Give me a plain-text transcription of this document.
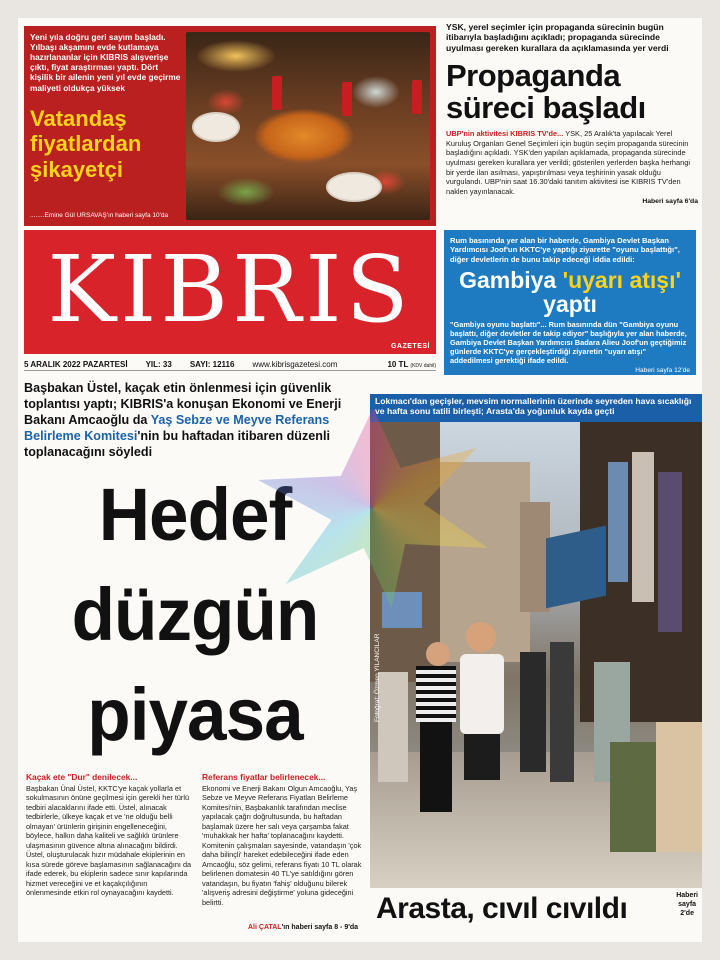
Yeni yıla doğru geri sayım başladı. Yılbaşı akşamını evde kutlamaya hazırlananlar için KIBRIS alışverişe çıktı, fiyat araştırması yaptı. Dört kişilik bir ailenin yeni yıl evde geçirme maliyeti oldukça yüksek

Vatandaş
fiyatlardan
şikayetçi

........Emine Gül URSAVAŞ'ın haberi sayfa 10'da

YSK, yerel seçimler için propaganda sürecinin bugün itibarıyla başladığını açıkladı; propaganda sürecinde uyulması gereken kurallara da açıklamasında yer verdi

Propaganda
süreci başladı

UBP'nin aktivitesi KIBRIS TV'de... YSK, 25 Aralık'ta yapılacak Yerel Kuruluş Organları Genel Seçimleri için bugün seçim propaganda sürecinin başladığını açıkladı. YSK'den yapılan açıklamada, propaganda sürecinde uyulması gereken kurallara yer verildi; gösterilen yerlerden başka herhangi bir yerde ilan asılması, yapıştırılması veya teşhirinin yasak olduğu vurgulandı. UBP'nin saat 16.30'daki tanıtım aktivitesi ise KIBRIS TV'den naklen yayınlanacak.

Haberi sayfa 6'da

KIBRIS
GAZETESİ
5 ARALIK 2022 PAZARTESİ YIL: 33 SAYI: 12116 www.kibrisgazetesi.com	10 TL (KDV dahil)

Rum basınında yer alan bir haberde, Gambiya Devlet Başkan Yardımcısı Joof'un KKTC'ye yaptığı ziyarette "oyunu başlattığı", diğer devletlerin de bunu takip edeceği iddia edildi:

Gambiya 'uyarı atışı' yaptı

"Gambiya oyunu başlattı"... Rum basınında dün "Gambiya oyunu başlattı, diğer devletler de takip ediyor" başlığıyla yer alan haberde, Gambiya Devlet Başkan Yardımcısı Badara Alieu Joof'un geçtiğimiz günlerde KKTC'ye gerçekleştirdiği ziyaretin "uyarı atışı" addedilmesi gerektiği ifade edildi.

Haberi sayfa 12'de

Başbakan Üstel, kaçak etin önlenmesi için güvenlik toplantısı yaptı; KIBRIS'a konuşan Ekonomi ve Enerji Bakanı Amcaoğlu da Yaş Sebze ve Meyve Referans Belirleme Komitesi'nin bu haftadan itibaren düzenli toplanacağını söyledi

Hedef
düzgün
piyasa
Kaçak ete "Dur" denilecek...

Başbakan Ünal Üstel, KKTC'ye kaçak yollarla et sokulmasının önüne geçilmesi için gerekli her türlü tedbiri alacaklarını ifade etti. Üstel, alınacak tedbirlerle, ülkeye kaçak et ve 'ne olduğu belli olmayan' ürünlerin girişinin engelleneceğini, böylece, halkın daha kaliteli ve sağlıklı ürünlere ulaşmasının güvence altına alınacağını bildirdi. Üstel, oluşturulacak hızır müdahale ekiplerinin en kısa sürede göreve başlamasının sağlanacağını da ifade ederek, bu ekiplerin sadece sınır kapılarında hizmet vereceğini ve et kaçakçılığının önlenmesinde etkin rol oynayacağını kaydetti.

Referans fiyatlar belirlenecek...

Ekonomi ve Enerji Bakanı Olgun Amcaoğlu, Yaş Sebze ve Meyve Referans Fiyatları Belirleme Komitesi'nin, Başbakanlık tarafından meclise yapılacak çağrı doğrultusunda, bu haftadan başlamak üzere her salı veya çarşamba fakat 'muhakkak her hafta' toplanacağını kaydetti. Komitenin çalışmaları sayesinde, vatandaşın 'çok daha bilinçli' hareket edebileceğini ifade eden Amcaoğlu, söz gelimi, referans fiyatı 10 TL olarak belirlenen domatesin 40 TL'ye satıldığını gören vatandaşın, bu fiyatın 'fahiş' olduğunu bilerek 'alışveriş adresini değiştirme' yoluna gideceğini belirtti.

Ali ÇATAL'ın haberi sayfa 8 - 9'da

Lokmacı'dan geçişler, mevsim normallerinin üzerinde seyreden hava sıcaklığı ve hafta sonu tatili birleşti; Arasta'da yoğunluk kayda geçti

Fotoğraf: Özmen YILANCILAR

Arasta, cıvıl cıvıldı	Haberi
sayfa
2'de
